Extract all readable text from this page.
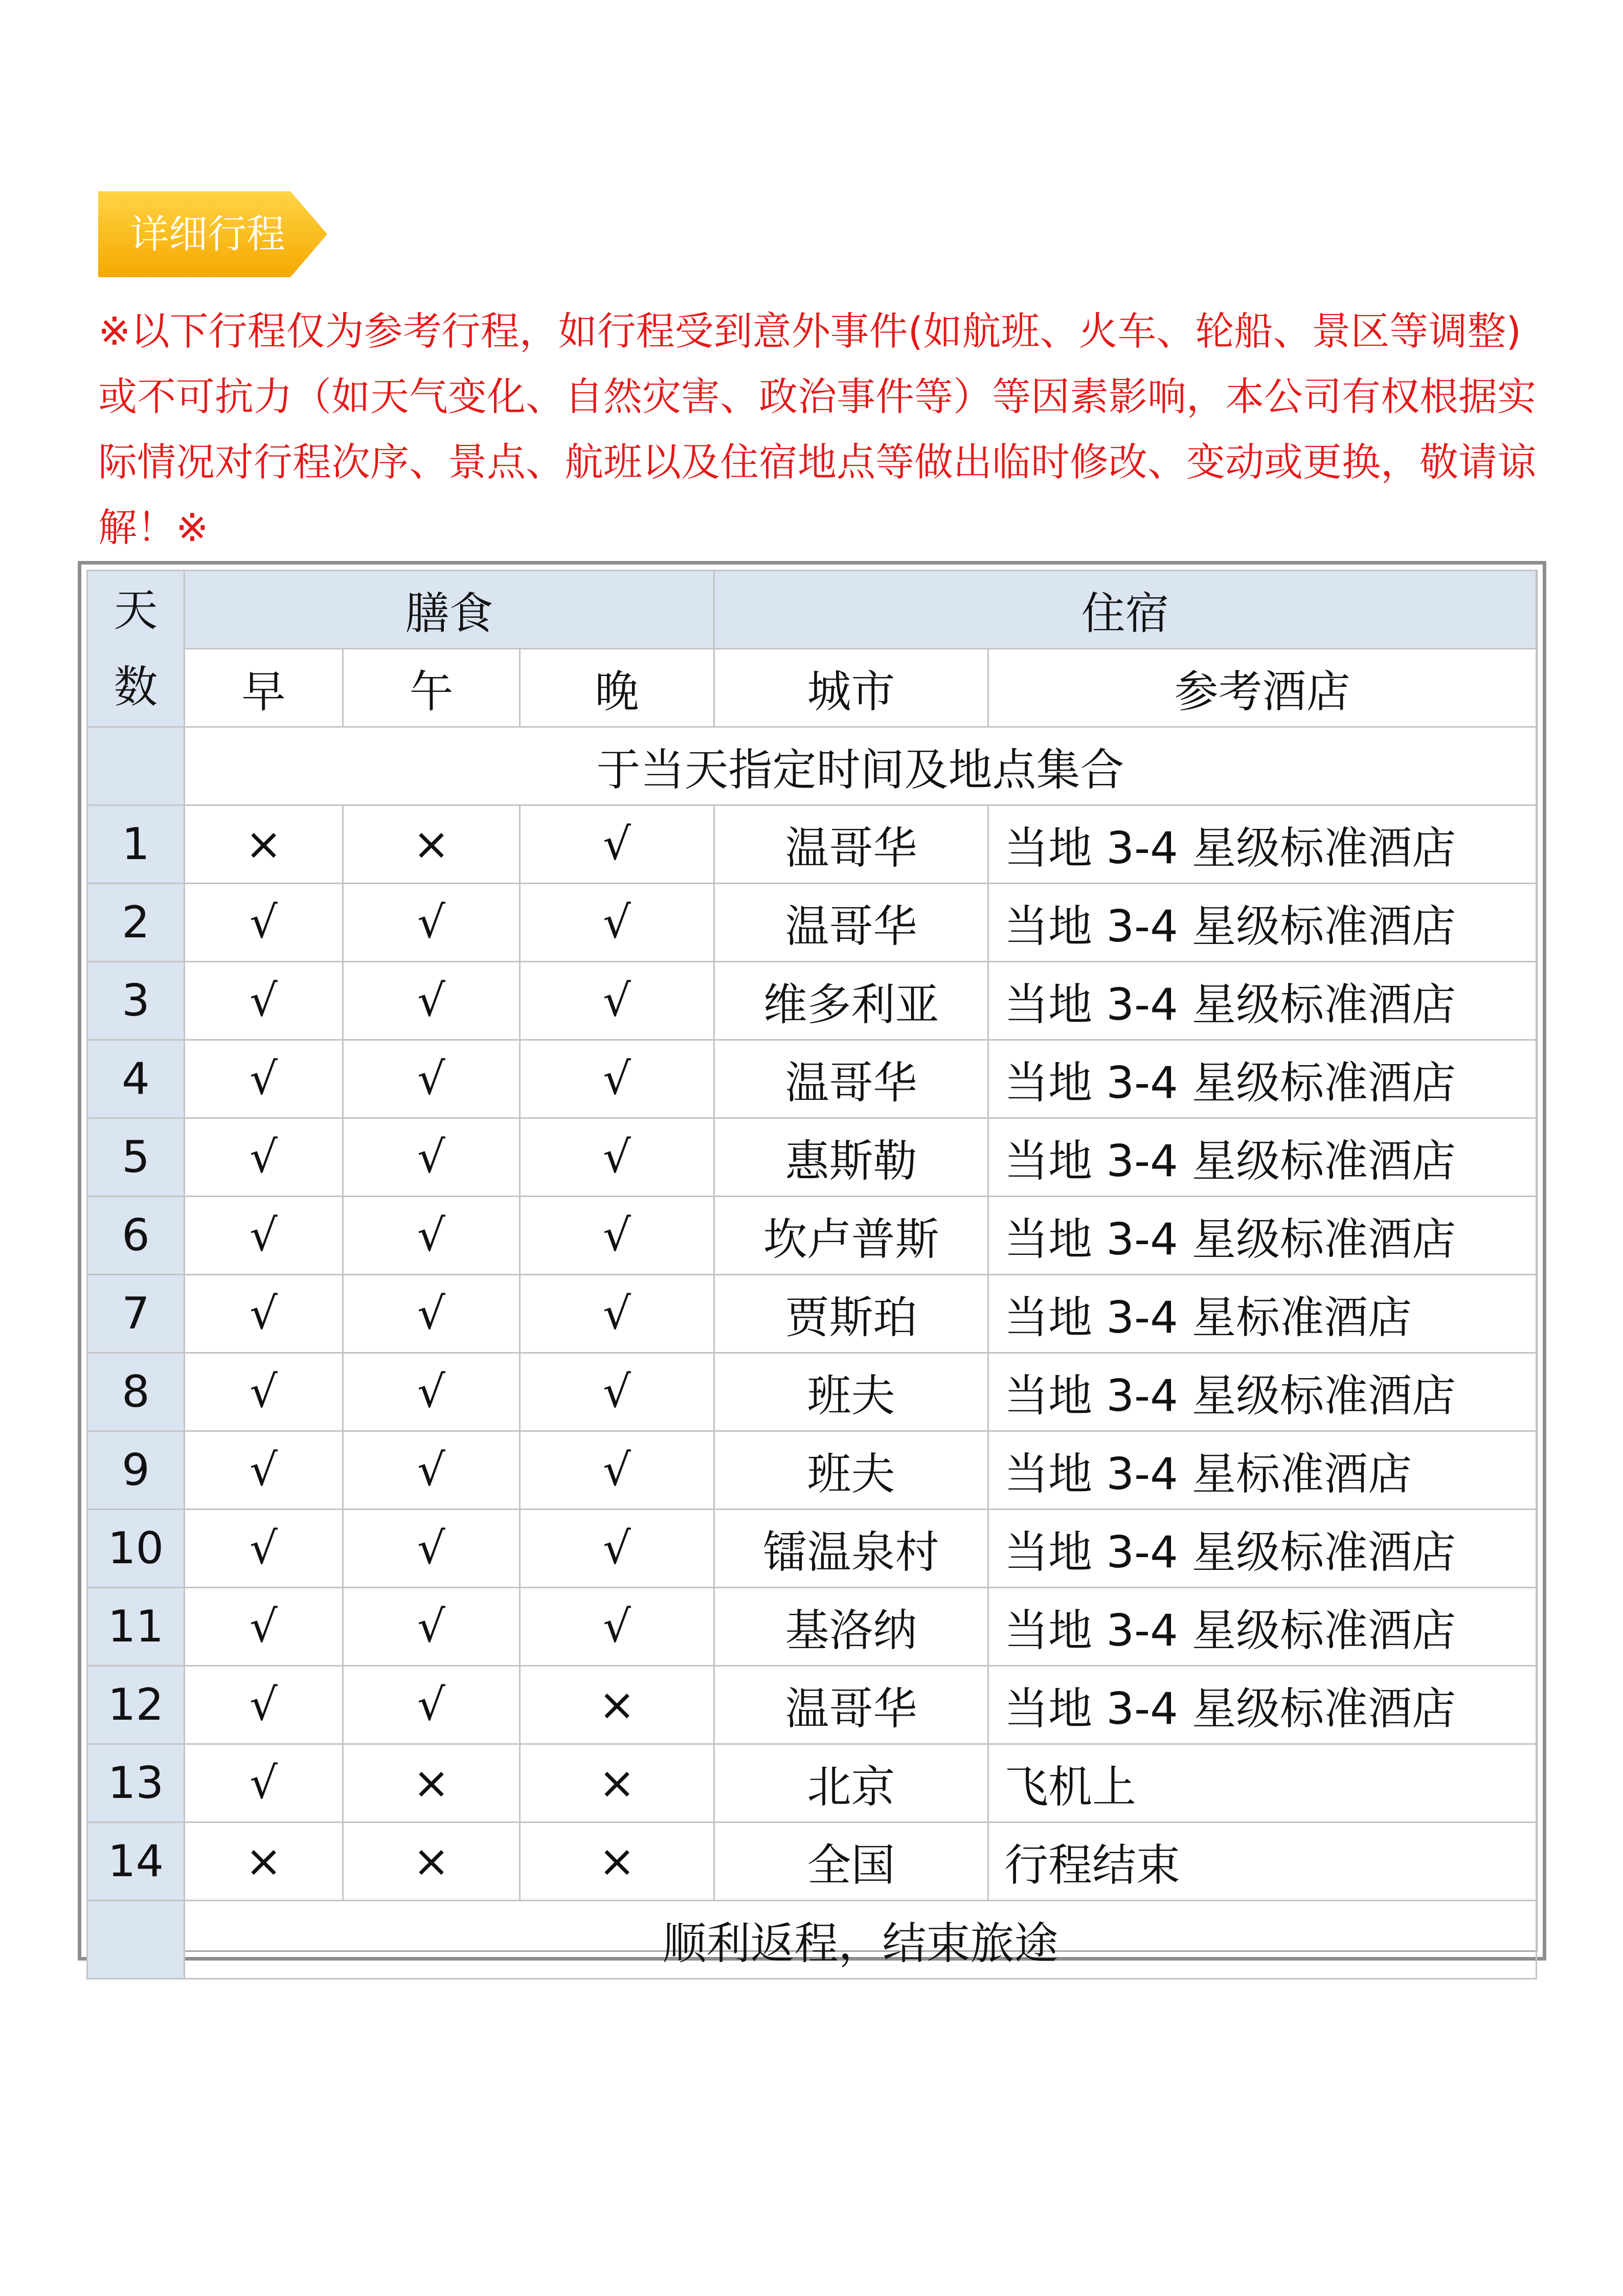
详细行程

※以下行程仅为参考行程，如行程受到意外事件(如航班、火车、轮船、景区等调整)

或不可抗力（如天气变化、自然灾害、政治事件等）等因素影响，本公司有权根据实

际情况对行程次序、景点、航班以及住宿地点等做出临时修改、变动或更换，敬请谅

解！※

天
数	膳食			住宿	
	早	午	晚	城市	参考酒店
	于当天指定时间及地点集合				
1	×	×	√	温哥华	当地 3-4 星级标准酒店
2	√	√	√	温哥华	当地 3-4 星级标准酒店
3	√	√	√	维多利亚	当地 3-4 星级标准酒店
4	√	√	√	温哥华	当地 3-4 星级标准酒店
5	√	√	√	惠斯勒	当地 3-4 星级标准酒店
6	√	√	√	坎卢普斯	当地 3-4 星级标准酒店
7	√	√	√	贾斯珀	当地 3-4 星标准酒店
8	√	√	√	班夫	当地 3-4 星级标准酒店
9	√	√	√	班夫	当地 3-4 星标准酒店
10	√	√	√	镭温泉村	当地 3-4 星级标准酒店
11	√	√	√	基洛纳	当地 3-4 星级标准酒店
12	√	√	×	温哥华	当地 3-4 星级标准酒店
13	√	×	×	北京	飞机上
14	×	×	×	全国	行程结束
	顺利返程，结束旅途				
